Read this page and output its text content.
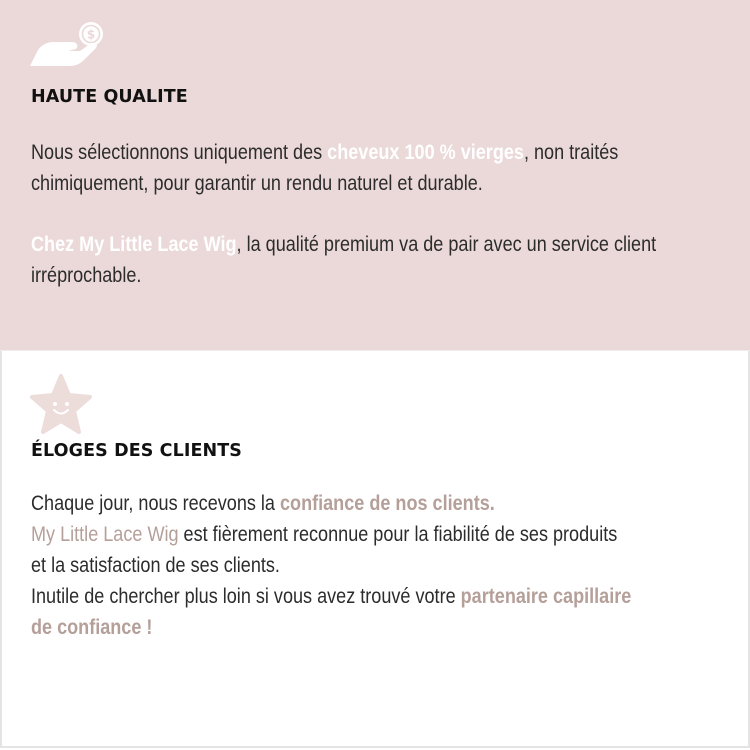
$
HAUTE QUALITE

Nous sélectionnons uniquement des cheveux 100 % vierges, non traités
chimiquement, pour garantir un rendu naturel et durable.

Chez My Little Lace Wig, la qualité premium va de pair avec un service client
irréprochable.

ÉLOGES DES CLIENTS

Chaque jour, nous recevons la confiance de nos clients.
My Little Lace Wig est fièrement reconnue pour la fiabilité de ses produits
et la satisfaction de ses clients.
Inutile de chercher plus loin si vous avez trouvé votre partenaire capillaire
de confiance !
